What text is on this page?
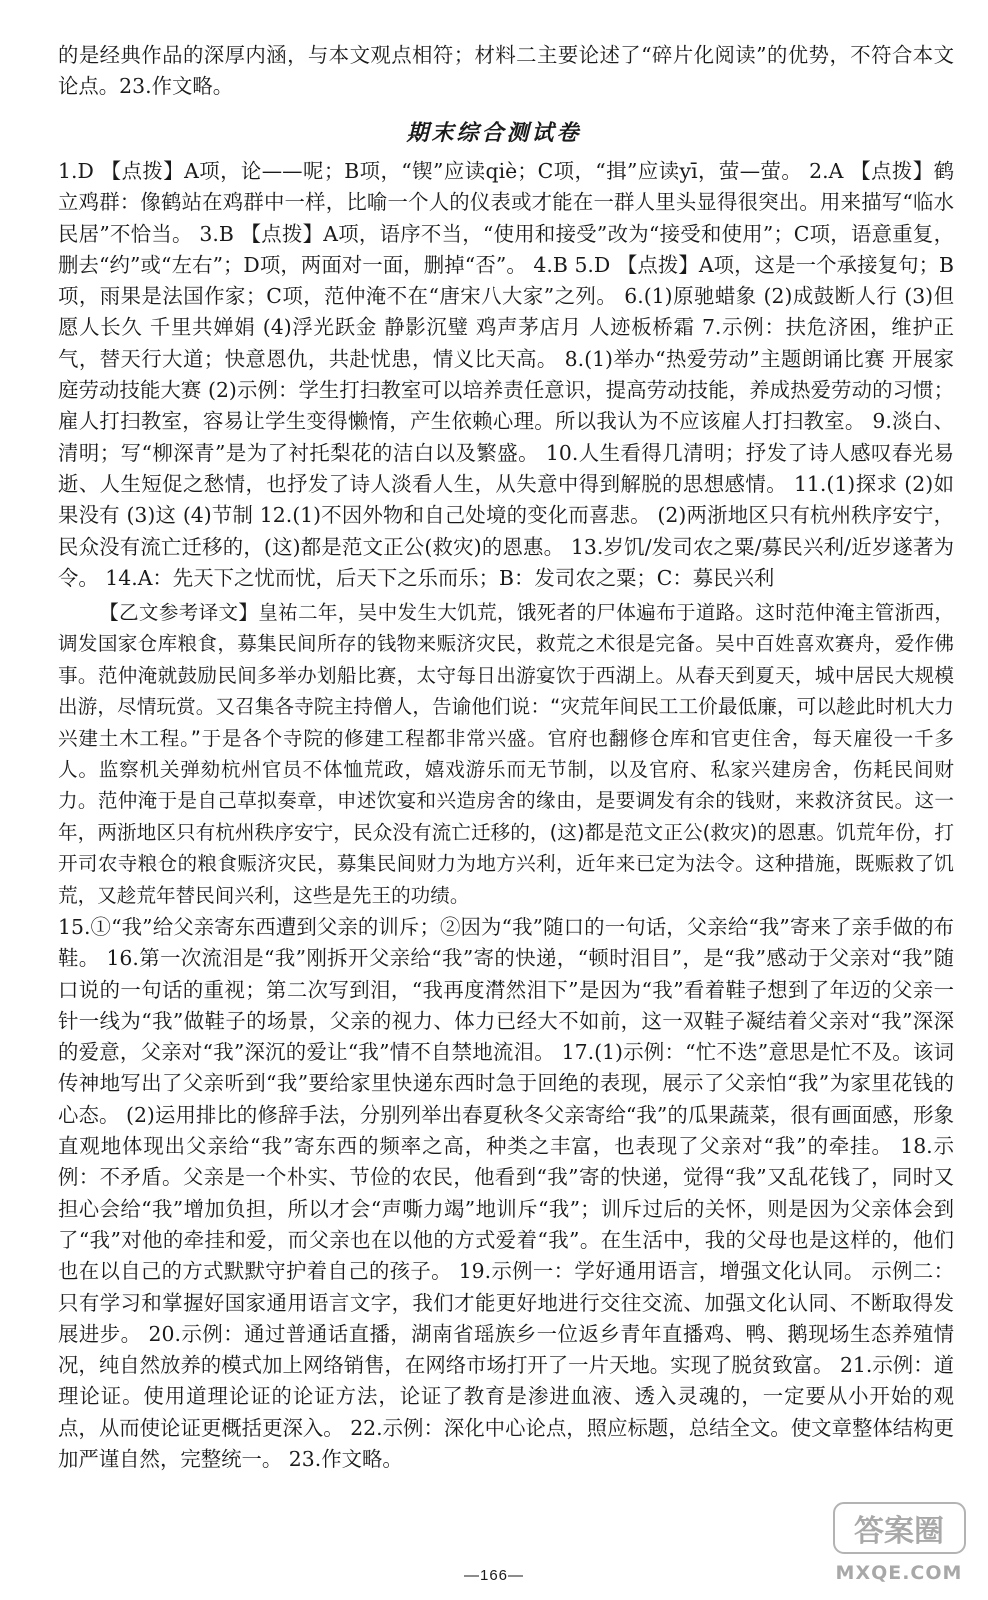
的是经典作品的深厚内涵，与本文观点相符；材料二主要论述了“碎片化阅读”的优势，不符合本文论点。23.作文略。

期末综合测试卷

1.D 【点拨】A项，论——呢；B项，“锲”应读qiè；C项，“揖”应读yī，萤—萤。 2.A 【点拨】鹤立鸡群：像鹤站在鸡群中一样，比喻一个人的仪表或才能在一群人里头显得很突出。用来描写“临水民居”不恰当。 3.B 【点拨】A项，语序不当，“使用和接受”改为“接受和使用”；C项，语意重复，删去“约”或“左右”；D项，两面对一面，删掉“否”。 4.B 5.D 【点拨】A项，这是一个承接复句；B项，雨果是法国作家；C项，范仲淹不在“唐宋八大家”之列。 6.(1)原驰蜡象 (2)成鼓断人行 (3)但愿人长久 千里共婵娟 (4)浮光跃金 静影沉璧 鸡声茅店月 人迹板桥霜 7.示例：扶危济困，维护正气，替天行大道；快意恩仇，共赴忧患，情义比天高。 8.(1)举办“热爱劳动”主题朗诵比赛 开展家庭劳动技能大赛 (2)示例：学生打扫教室可以培养责任意识，提高劳动技能，养成热爱劳动的习惯；雇人打扫教室，容易让学生变得懒惰，产生依赖心理。所以我认为不应该雇人打扫教室。 9.淡白、清明；写“柳深青”是为了衬托梨花的洁白以及繁盛。 10.人生看得几清明；抒发了诗人感叹春光易逝、人生短促之愁情，也抒发了诗人淡看人生，从失意中得到解脱的思想感情。 11.(1)探求 (2)如果没有 (3)这 (4)节制 12.(1)不因外物和自己处境的变化而喜悲。 (2)两浙地区只有杭州秩序安宁，民众没有流亡迁移的，(这)都是范文正公(救灾)的恩惠。 13.岁饥/发司农之粟/募民兴利/近岁遂著为令。 14.A：先天下之忧而忧，后天下之乐而乐；B：发司农之粟；C：募民兴利

【乙文参考译文】皇祐二年，吴中发生大饥荒，饿死者的尸体遍布于道路。这时范仲淹主管浙西，调发国家仓库粮食，募集民间所存的钱物来赈济灾民，救荒之术很是完备。吴中百姓喜欢赛舟，爱作佛事。范仲淹就鼓励民间多举办划船比赛，太守每日出游宴饮于西湖上。从春天到夏天，城中居民大规模出游，尽情玩赏。又召集各寺院主持僧人，告谕他们说：“灾荒年间民工工价最低廉，可以趁此时机大力兴建土木工程。”于是各个寺院的修建工程都非常兴盛。官府也翻修仓库和官吏住舍，每天雇役一千多人。监察机关弹劾杭州官员不体恤荒政，嬉戏游乐而无节制，以及官府、私家兴建房舍，伤耗民间财力。范仲淹于是自己草拟奏章，申述饮宴和兴造房舍的缘由，是要调发有余的钱财，来救济贫民。这一年，两浙地区只有杭州秩序安宁，民众没有流亡迁移的，(这)都是范文正公(救灾)的恩惠。饥荒年份，打开司农寺粮仓的粮食赈济灾民，募集民间财力为地方兴利，近年来已定为法令。这种措施，既赈救了饥荒，又趁荒年替民间兴利，这些是先王的功绩。

15.①“我”给父亲寄东西遭到父亲的训斥；②因为“我”随口的一句话，父亲给“我”寄来了亲手做的布鞋。 16.第一次流泪是“我”刚拆开父亲给“我”寄的快递，“顿时泪目”，是“我”感动于父亲对“我”随口说的一句话的重视；第二次写到泪，“我再度潸然泪下”是因为“我”看着鞋子想到了年迈的父亲一针一线为“我”做鞋子的场景，父亲的视力、体力已经大不如前，这一双鞋子凝结着父亲对“我”深深的爱意，父亲对“我”深沉的爱让“我”情不自禁地流泪。 17.(1)示例：“忙不迭”意思是忙不及。该词传神地写出了父亲听到“我”要给家里快递东西时急于回绝的表现，展示了父亲怕“我”为家里花钱的心态。 (2)运用排比的修辞手法，分别列举出春夏秋冬父亲寄给“我”的瓜果蔬菜，很有画面感，形象直观地体现出父亲给“我”寄东西的频率之高，种类之丰富，也表现了父亲对“我”的牵挂。 18.示例：不矛盾。父亲是一个朴实、节俭的农民，他看到“我”寄的快递，觉得“我”又乱花钱了，同时又担心会给“我”增加负担，所以才会“声嘶力竭”地训斥“我”；训斥过后的关怀，则是因为父亲体会到了“我”对他的牵挂和爱，而父亲也在以他的方式爱着“我”。在生活中，我的父母也是这样的，他们也在以自己的方式默默守护着自己的孩子。 19.示例一：学好通用语言，增强文化认同。 示例二：只有学习和掌握好国家通用语言文字，我们才能更好地进行交往交流、加强文化认同、不断取得发展进步。 20.示例：通过普通话直播，湖南省瑶族乡一位返乡青年直播鸡、鸭、鹅现场生态养殖情况，纯自然放养的模式加上网络销售，在网络市场打开了一片天地。实现了脱贫致富。 21.示例：道理论证。使用道理论证的论证方法，论证了教育是渗进血液、透入灵魂的，一定要从小开始的观点，从而使论证更概括更深入。 22.示例：深化中心论点，照应标题，总结全文。使文章整体结构更加严谨自然，完整统一。 23.作文略。

—166—
答案圈
MXQE.COM
